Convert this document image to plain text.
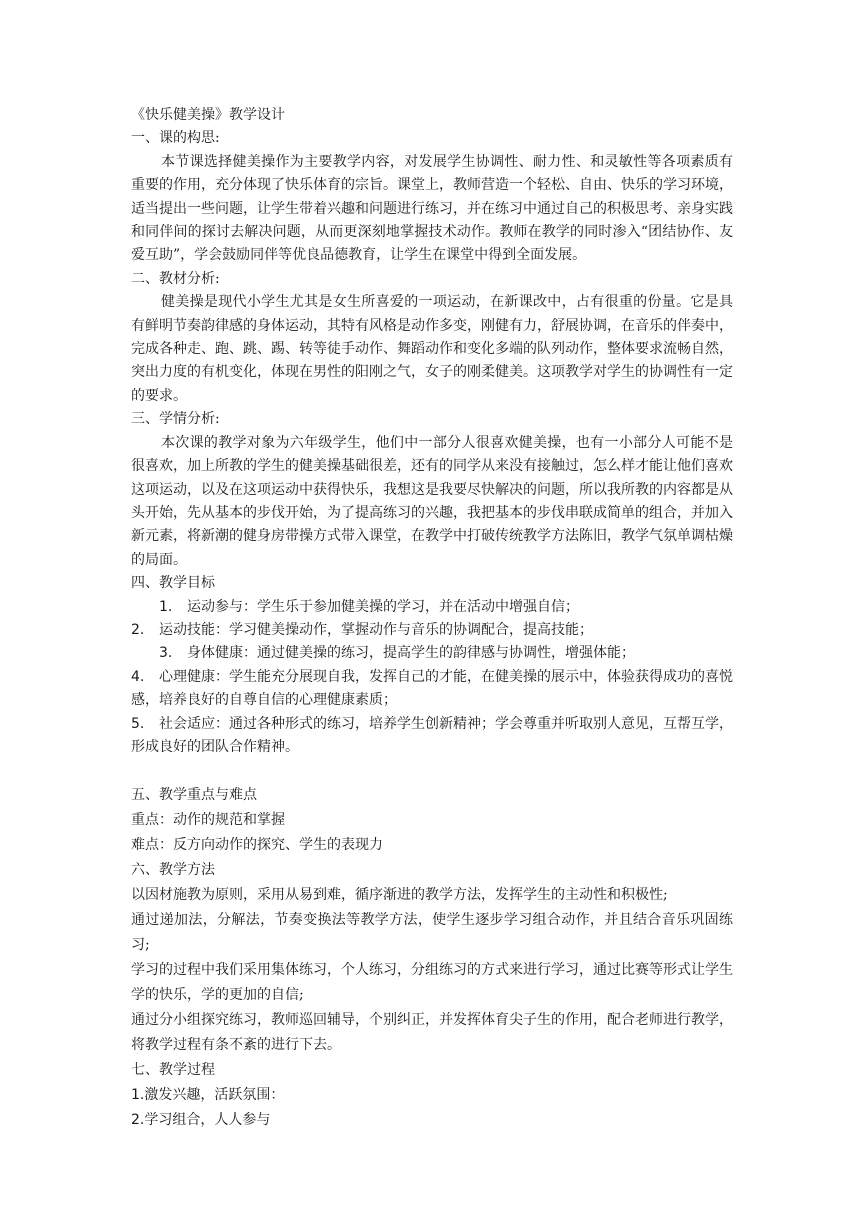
《快乐健美操》教学设计
一、课的构思:

本节课选择健美操作为主要教学内容，对发展学生协调性、耐力性、和灵敏性等各项素质有重要的作用，充分体现了快乐体育的宗旨。课堂上，教师营造一个轻松、自由、快乐的学习环境，适当提出一些问题，让学生带着兴趣和问题进行练习，并在练习中通过自己的积极思考、亲身实践和同伴间的探讨去解决问题，从而更深刻地掌握技术动作。教师在教学的同时渗入“团结协作、友爱互助”，学会鼓励同伴等优良品德教育，让学生在课堂中得到全面发展。

二、教材分析:

健美操是现代小学生尤其是女生所喜爱的一项运动，在新课改中，占有很重的份量。它是具有鲜明节奏韵律感的身体运动，其特有风格是动作多变，刚健有力，舒展协调，在音乐的伴奏中，完成各种走、跑、跳、踢、转等徒手动作、舞蹈动作和变化多端的队列动作，整体要求流畅自然，突出力度的有机变化，体现在男性的阳刚之气，女子的刚柔健美。这项教学对学生的协调性有一定的要求。

三、学情分析:

本次课的教学对象为六年级学生，他们中一部分人很喜欢健美操，也有一小部分人可能不是很喜欢，加上所教的学生的健美操基础很差，还有的同学从来没有接触过，怎么样才能让他们喜欢这项运动，以及在这项运动中获得快乐，我想这是我要尽快解决的问题，所以我所教的内容都是从头开始，先从基本的步伐开始，为了提高练习的兴趣，我把基本的步伐串联成简单的组合，并加入新元素，将新潮的健身房带操方式带入课堂，在教学中打破传统教学方法陈旧，教学气氛单调枯燥的局面。

四、教学目标
1. 运动参与：学生乐于参加健美操的学习，并在活动中增强自信；
2. 运动技能：学习健美操动作，掌握动作与音乐的协调配合，提高技能；
3. 身体健康：通过健美操的练习，提高学生的韵律感与协调性，增强体能；

4. 心理健康：学生能充分展现自我，发挥自己的才能，在健美操的展示中，体验获得成功的喜悦感，培养良好的自尊自信的心理健康素质；

5. 社会适应：通过各种形式的练习，培养学生创新精神；学会尊重并听取别人意见，互帮互学，形成良好的团队合作精神。

五、教学重点与难点
重点：动作的规范和掌握
难点：反方向动作的探究、学生的表现力
六、教学方法

以因材施教为原则，采用从易到难，循序渐进的教学方法，发挥学生的主动性和积极性;

通过递加法，分解法，节奏变换法等教学方法，使学生逐步学习组合动作，并且结合音乐巩固练习;

学习的过程中我们采用集体练习，个人练习，分组练习的方式来进行学习，通过比赛等形式让学生学的快乐，学的更加的自信;

通过分小组探究练习，教师巡回辅导，个别纠正，并发挥体育尖子生的作用，配合老师进行教学，将教学过程有条不紊的进行下去。

七、教学过程
1.激发兴趣，活跃氛围：
2.学习组合，人人参与
